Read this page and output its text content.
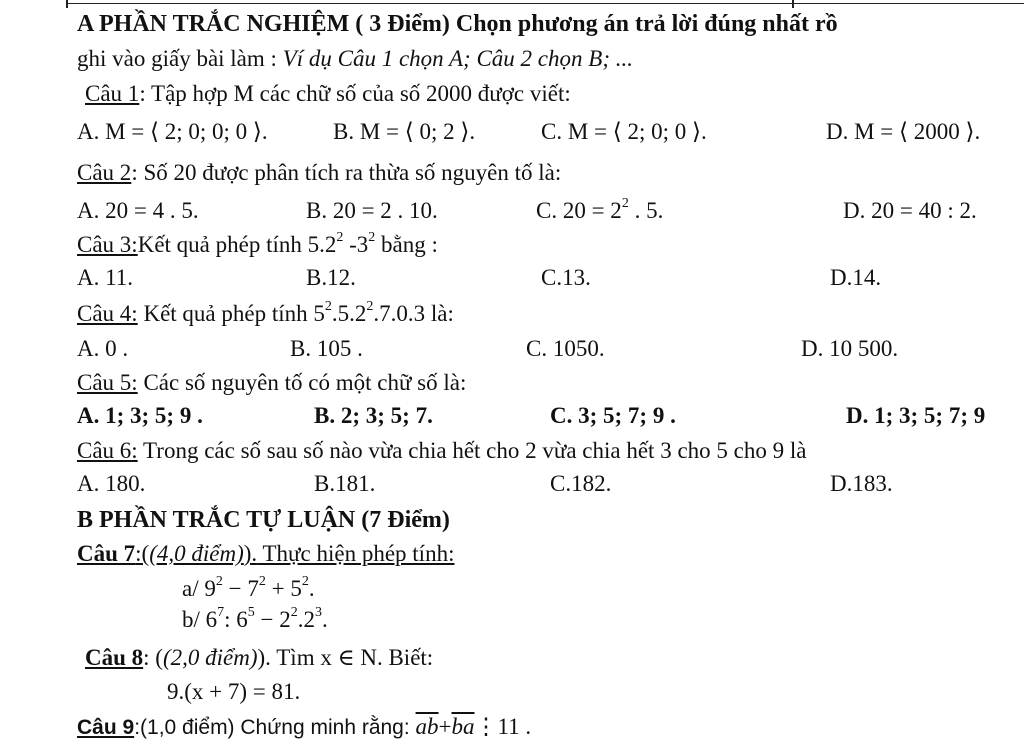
A PHẦN TRẮC NGHIỆM ( 3 Điểm) Chọn phương án trả lời đúng nhất rồ
ghi vào giấy bài làm : Ví dụ Câu 1 chọn A; Câu 2 chọn B; ...
Câu 1: Tập hợp M các chữ số của số 2000 được viết:
A. M = ⟨ 2; 0; 0; 0 ⟩.	B. M = ⟨ 0; 2 ⟩.	C. M = ⟨ 2; 0; 0 ⟩.	D. M = ⟨ 2000 ⟩.
Câu 2: Số 20 được phân tích ra thừa số nguyên tố là:
A. 20 = 4 . 5.	B. 20 = 2 . 10.	C. $20 = 2^2$ . 5.	D. 20 = 40 : 2.
Câu 3:Kết quả phép tính $5.2^2$ $-3^2$ bằng :
A. 11.	B.12.	C.13.	D.14.
Câu 4: Kết quả phép tính $5^2.5.2^2.7.0.3$ là:
A. 0 .	B. 105 .	C. 1050.	D. 10 500.
Câu 5: Các số nguyên tố có một chữ số là:
A. 1; 3; 5; 9 .	B. 2; 3; 5; 7.	C. 3; 5; 7; 9 .	D. 1; 3; 5; 7; 9
Câu 6: Trong các số sau số nào vừa chia hết cho 2 vừa chia hết 3 cho 5 cho 9 là
A. 180.	B.181.	C.182.	D.183.
B PHẦN TRẮC TỰ LUẬN (7 Điểm)
Câu 7:((4,0 điểm)). Thực hiện phép tính:
a/ $9^2 - 7^2 + 5^2$.
b/ $6^7$: $6^5 - 2^2.2^3$.
Câu 8: ((2,0 điểm)). Tìm x ∈ N. Biết:
9.(x + 7) = 81.
Câu 9:(1,0 điểm) Chứng minh rằng: $\overline{ab}+\overline{ba}⋮11$ .
